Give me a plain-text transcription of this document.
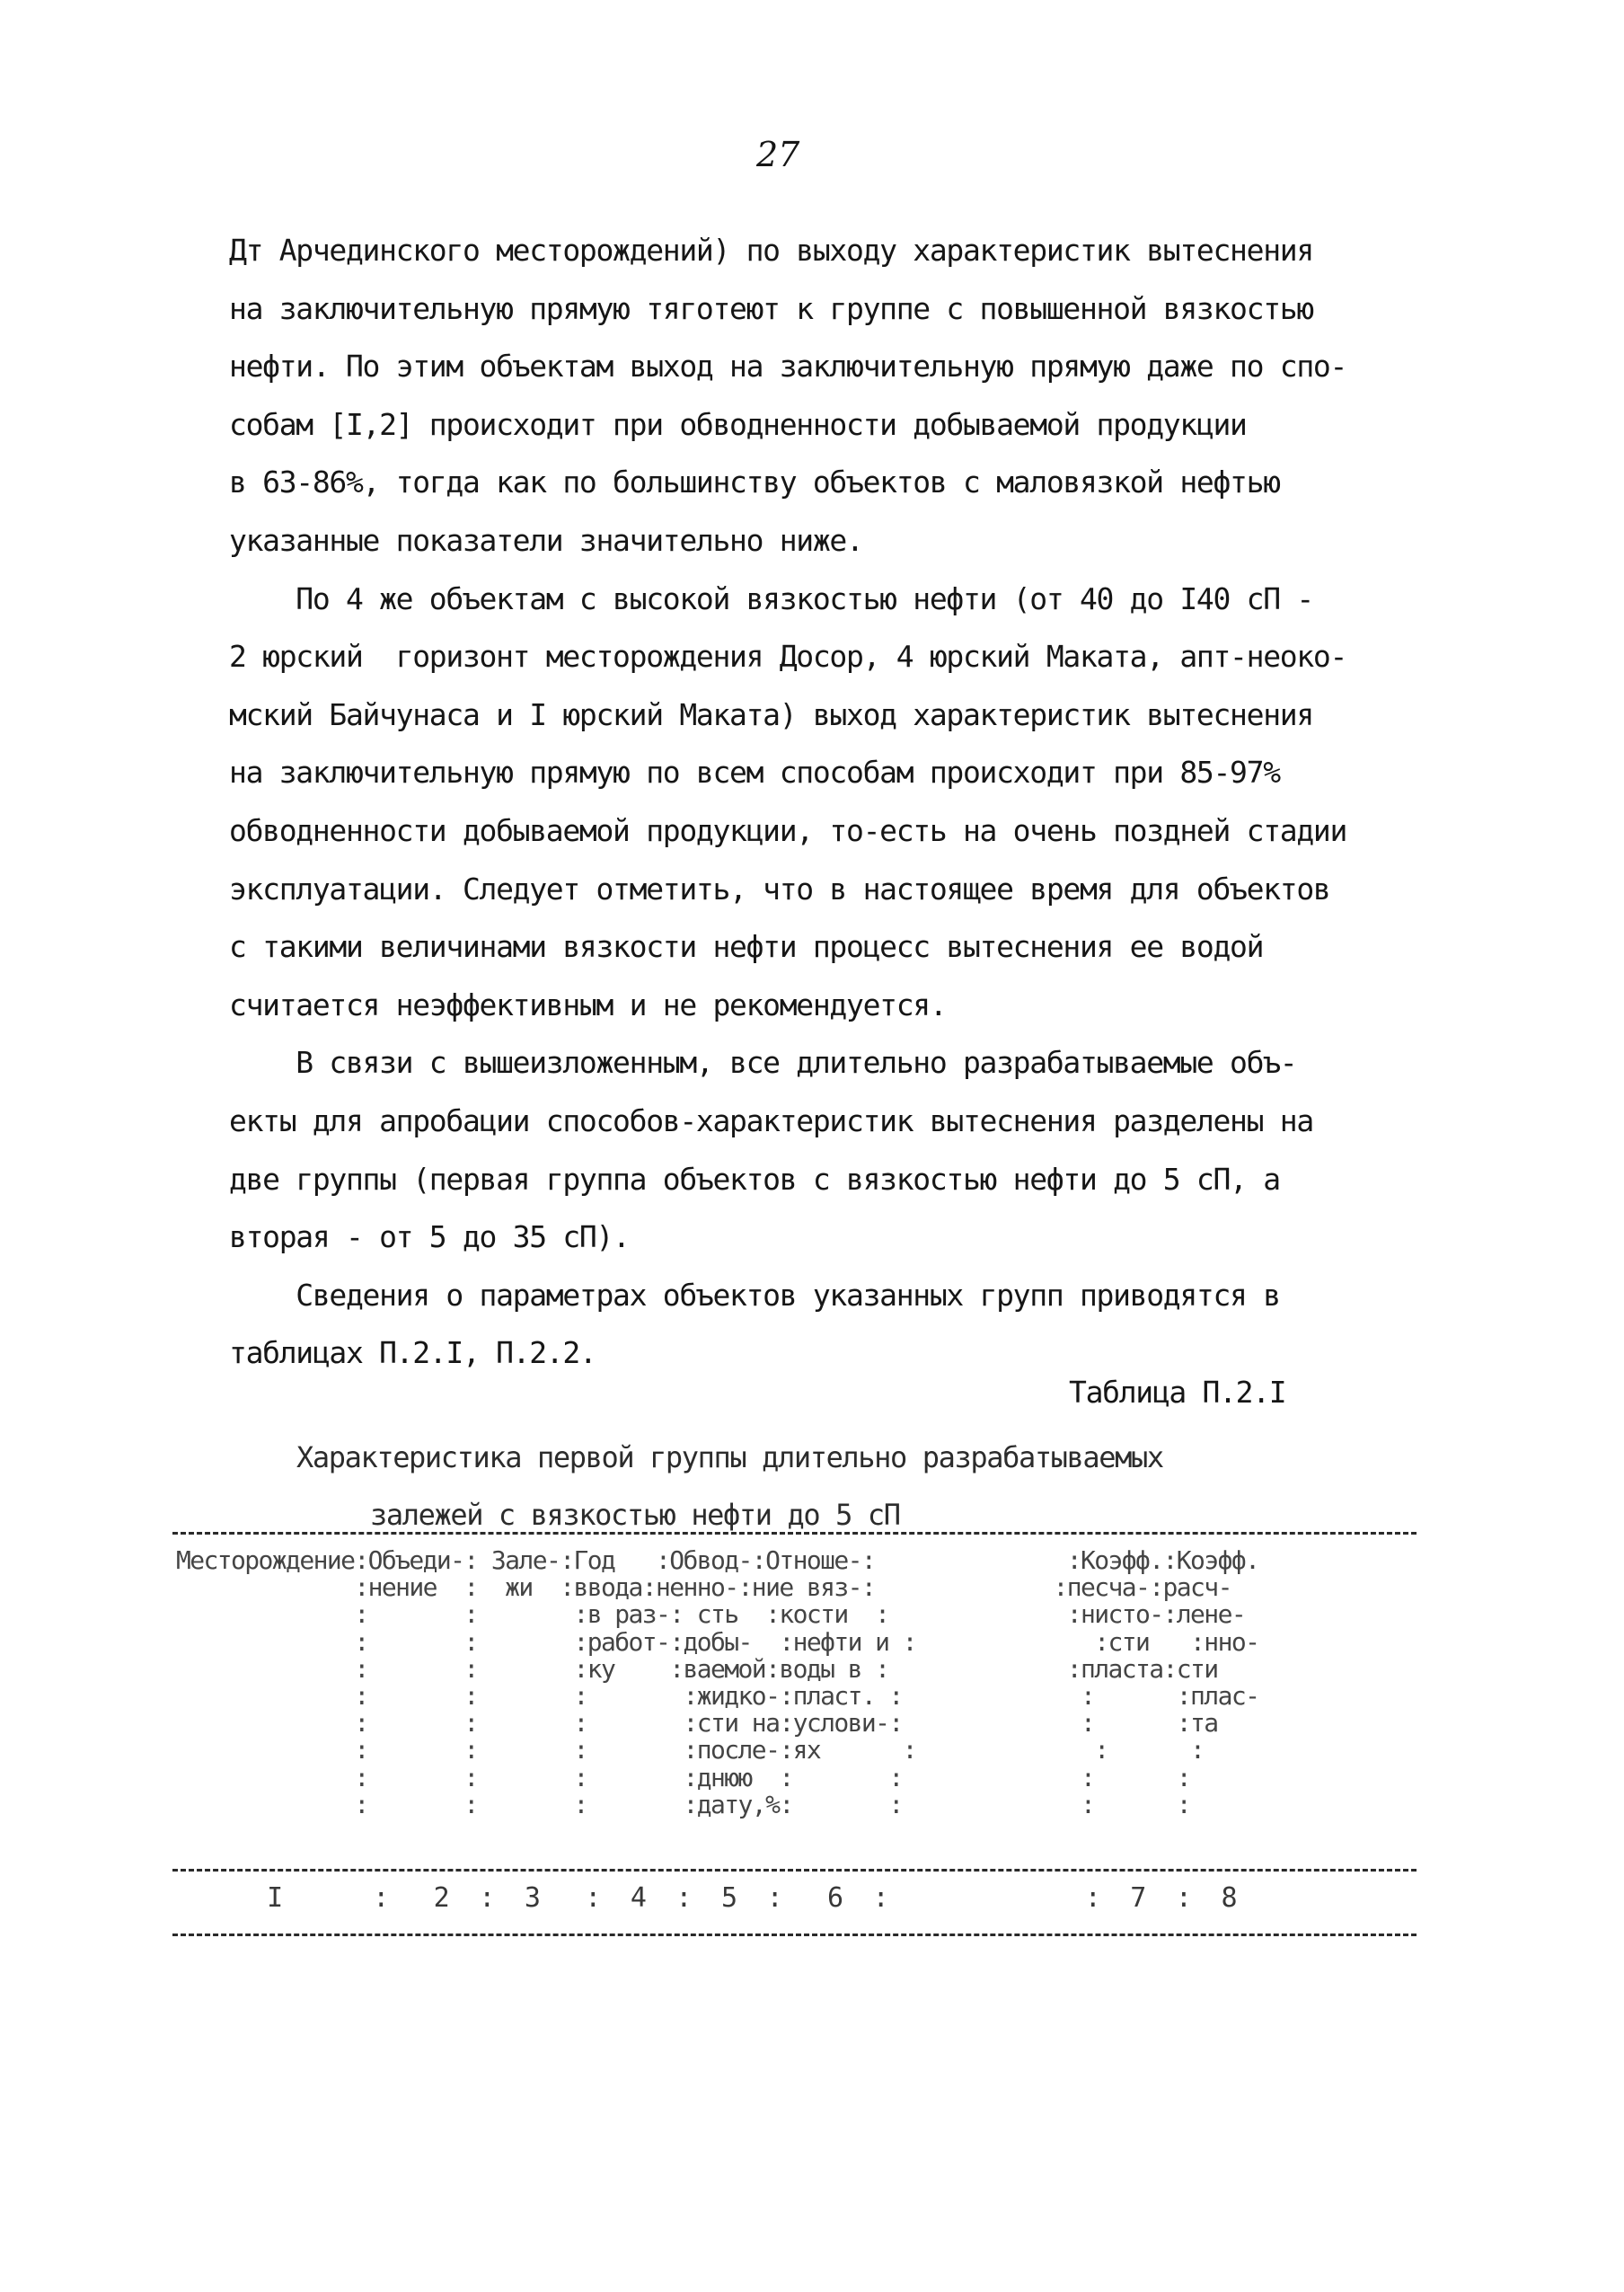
27
Дт Арчединского месторождений) по выходу характеристик вытеснения
на заключительную прямую тяготеют к группе с повышенной вязкостью
нефти. По этим объектам выход на заключительную прямую даже по спо-
собам [I,2] происходит при обводненности добываемой продукции
в 63-86%, тогда как по большинству объектов с маловязкой нефтью
указанные показатели значительно ниже.
По 4 же объектам с высокой вязкостью нефти (от 40 до I40 сП -
2 юрский  горизонт месторождения Досор, 4 юрский Маката, апт-неоко-
мский Байчунаса и I юрский Маката) выход характеристик вытеснения
на заключительную прямую по всем способам происходит при 85-97%
обводненности добываемой продукции, то-есть на очень поздней стадии
эксплуатации. Следует отметить, что в настоящее время для объектов
с такими величинами вязкости нефти процесс вытеснения ее водой
считается неэффективным и не рекомендуется.
В связи с вышеизложенным, все длительно разрабатываемые объ-
екты для апробации способов-характеристик вытеснения разделены на
две группы (первая группа объектов с вязкостью нефти до 5 сП, а
вторая - от 5 до 35 сП).
Сведения о параметрах объектов указанных групп приводятся в
таблицах П.2.I, П.2.2.
Таблица П.2.I
Характеристика первой группы длительно разрабатываемых
залежей с вязкостью нефти до 5 сП
Месторождение:Объеди-: Зале-:Год   :Обвод-:Отноше-:              :Коэфф.:Коэфф.
:нение  :  жи  :ввода:ненно-:ние вяз-:             :песча-:расч-
:       :       :в раз-: сть  :кости  :             :нисто-:лене-
:       :       :работ-:добы-  :нефти и :             :сти   :нно-
:       :       :ку    :ваемой:воды в :             :пласта:сти
:       :       :       :жидко-:пласт. :             :      :плас-
:       :       :       :сти на:услови-:             :      :та
:       :       :       :после-:ях      :             :      :
:       :       :       :днюю  :       :             :      :
:       :       :       :дату,%:       :             :      :
I      :   2  :  3   :  4  :  5  :   6  :             :  7  :  8
